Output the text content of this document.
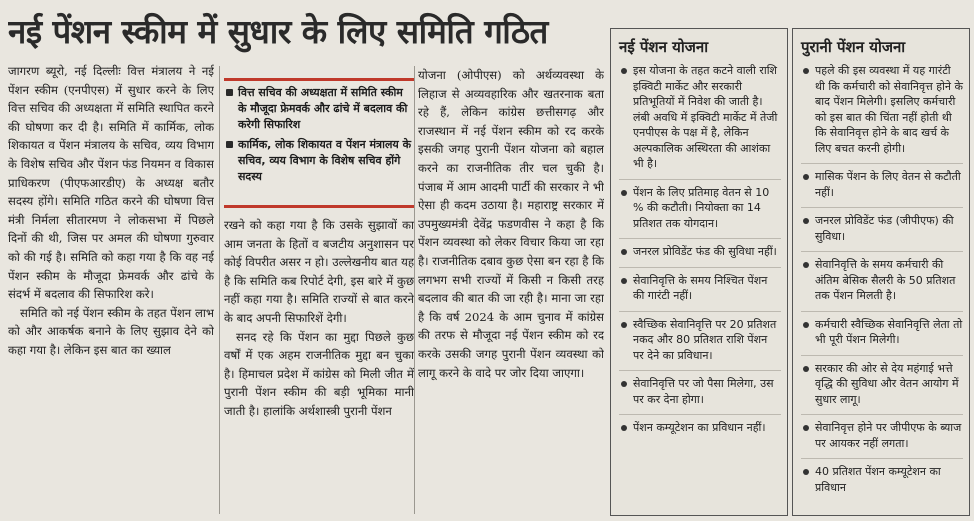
नई पेंशन स्कीम में सुधार के लिए समिति गठित

जागरण ब्यूरो, नई दिल्लीः वित्त मंत्रालय ने नई पेंशन स्कीम (एनपीएस) में सुधार करने के लिए वित्त सचिव की अध्यक्षता में समिति स्थापित करने की घोषणा कर दी है। समिति में कार्मिक, लोक शिकायत व पेंशन मंत्रालय के सचिव, व्यय विभाग के विशेष सचिव और पेंशन फंड नियमन व विकास प्राधिकरण (पीएफआरडीए) के अध्यक्ष बतौर सदस्य होंगे। समिति गठित करने की घोषणा वित्त मंत्री निर्मला सीतारमण ने लोकसभा में पिछले दिनों की थी, जिस पर अमल की घोषणा गुरुवार को की गई है। समिति को कहा गया है कि वह नई पेंशन स्कीम के मौजूदा फ्रेमवर्क और ढांचे के संदर्भ में बदलाव की सिफारिश करे।

समिति को नई पेंशन स्कीम के तहत पेंशन लाभ को और आकर्षक बनाने के लिए सुझाव देने को कहा गया है। लेकिन इस बात का ख्याल

वित्त सचिव की अध्यक्षता में समिति स्कीम के मौजूदा फ्रेमवर्क और ढांचे में बदलाव की करेगी सिफारिश
कार्मिक, लोक शिकायत व पेंशन मंत्रालय के सचिव, व्यय विभाग के विशेष सचिव होंगे सदस्य

रखने को कहा गया है कि उसके सुझावों का आम जनता के हितों व बजटीय अनुशासन पर कोई विपरीत असर न हो। उल्लेखनीय बात यह है कि समिति कब रिपोर्ट देगी, इस बारे में कुछ नहीं कहा गया है। समिति राज्यों से बात करने के बाद अपनी सिफारिशें देगी।

सनद रहे कि पेंशन का मुद्दा पिछले कुछ वर्षों में एक अहम राजनीतिक मुद्दा बन चुका है। हिमाचल प्रदेश में कांग्रेस को मिली जीत में पुरानी पेंशन स्कीम की बड़ी भूमिका मानी जाती है। हालांकि अर्थशास्त्री पुरानी पेंशन

योजना (ओपीएस) को अर्थव्यवस्था के लिहाज से अव्यवहारिक और खतरनाक बता रहे हैं, लेकिन कांग्रेस छत्तीसगढ़ और राजस्थान में नई पेंशन स्कीम को रद करके इसकी जगह पुरानी पेंशन योजना को बहाल करने का राजनीतिक तीर चल चुकी है। पंजाब में आम आदमी पार्टी की सरकार ने भी ऐसा ही कदम उठाया है। महाराष्ट्र सरकार में उपमुख्यमंत्री देवेंद्र फडणवीस ने कहा है कि पेंशन व्यवस्था को लेकर विचार किया जा रहा है। राजनीतिक दबाव कुछ ऐसा बन रहा है कि लगभग सभी राज्यों में किसी न किसी तरह बदलाव की बात की जा रही है। माना जा रहा है कि वर्ष 2024 के आम चुनाव में कांग्रेस की तरफ से मौजूदा नई पेंशन स्कीम को रद करके उसकी जगह पुरानी पेंशन व्यवस्था को लागू करने के वादे पर जोर दिया जाएगा।

नई पेंशन योजना
इस योजना के तहत कटने वाली राशि इक्विटी मार्केट और सरकारी प्रतिभूतियों में निवेश की जाती है। लंबी अवधि में इक्विटी मार्केट में तेजी एनपीएस के पक्ष में है, लेकिन अल्पकालिक अस्थिरता की आशंका भी है।
पेंशन के लिए प्रतिमाह वेतन से 10 % की कटौती। नियोक्ता का 14 प्रतिशत तक योगदान।
जनरल प्रोविडेंट फंड की सुविधा नहीं।
सेवानिवृत्ति के समय निश्चित पेंशन की गारंटी नहीं।
स्वैच्छिक सेवानिवृत्ति पर 20 प्रतिशत नकद और 80 प्रतिशत राशि पेंशन पर देने का प्रविधान।
सेवानिवृत्ति पर जो पैसा मिलेगा, उस पर कर देना होगा।
पेंशन कम्यूटेशन का प्रविधान नहीं।
पुरानी पेंशन योजना
पहले की इस व्यवस्था में यह गारंटी थी कि कर्मचारी को सेवानिवृत्त होने के बाद पेंशन मिलेगी। इसलिए कर्मचारी को इस बात की चिंता नहीं होती थी कि सेवानिवृत्त होने के बाद खर्च के लिए बचत करनी होगी।
मासिक पेंशन के लिए वेतन से कटौती नहीं।
जनरल प्रोविडेंट फंड (जीपीएफ) की सुविधा।
सेवानिवृत्ति के समय कर्मचारी की अंतिम बेसिक सैलरी के 50 प्रतिशत तक पेंशन मिलती है।
कर्मचारी स्वैच्छिक सेवानिवृत्ति लेता तो भी पूरी पेंशन मिलेगी।
सरकार की ओर से देय महंगाई भत्ते वृद्धि की सुविधा और वेतन आयोग में सुधार लागू।
सेवानिवृत्त होने पर जीपीएफ के ब्याज पर आयकर नहीं लगता।
40 प्रतिशत पेंशन कम्यूटेशन का प्रविधान
